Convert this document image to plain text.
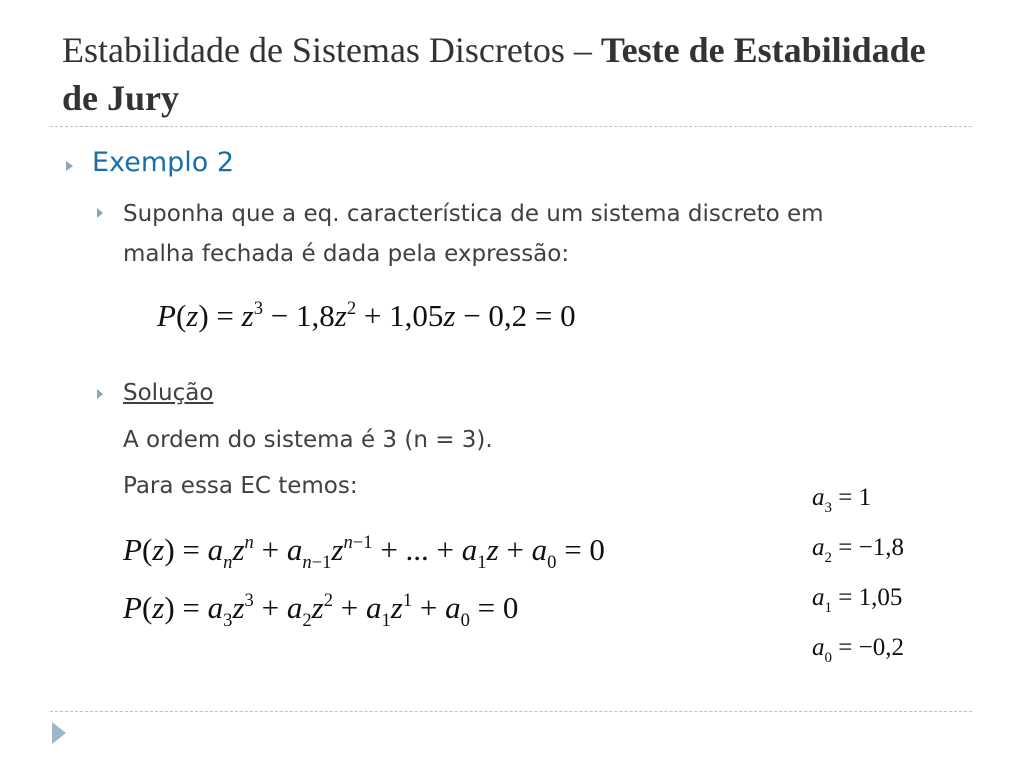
Estabilidade de Sistemas Discretos – Teste de Estabilidade de Jury
Exemplo 2
Suponha que a eq. característica de um sistema discreto em
malha fechada é dada pela expressão:
$P(z) = z^3 - 1,8z^2 + 1,05z - 0,2 = 0$
Solução
A ordem do sistema é 3 (n = 3).
Para essa EC temos:
$P(z) = a_nz^n + a_{n-1}z^{n-1}$ + ... + $a_1z + a_0 = 0$
$P(z) = a_3z^3 + a_2z^2 + a_1z^1 + a_0 = 0$
$a_3 = 1$
$a_2 = -1,8$
$a_1 = 1,05$
$a_0 = -0,2$
